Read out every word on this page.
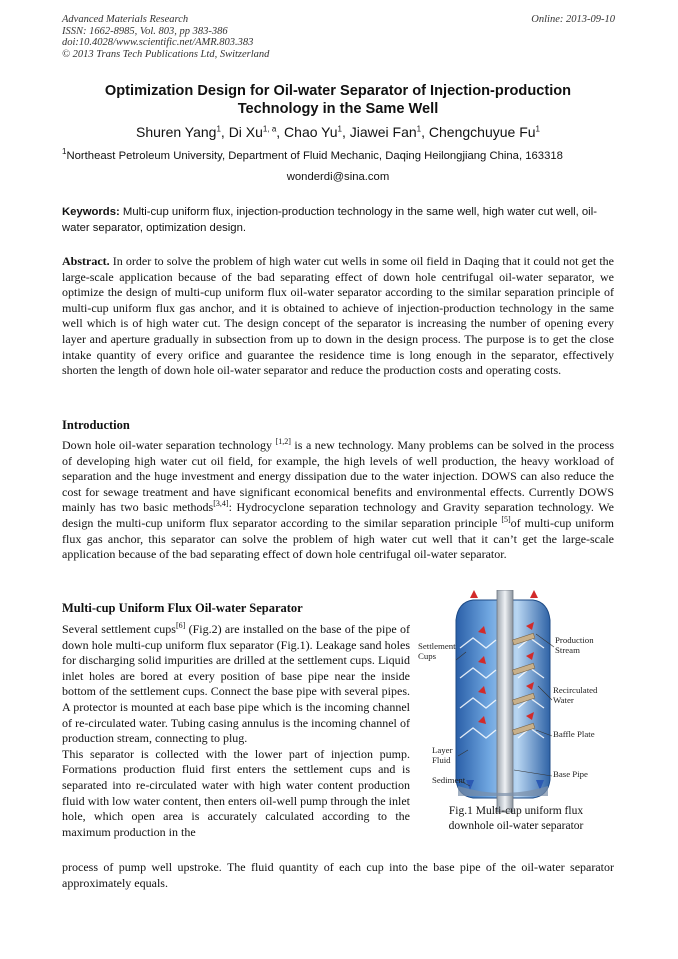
Advanced Materials Research
ISSN: 1662-8985, Vol. 803, pp 383-386
doi:10.4028/www.scientific.net/AMR.803.383
© 2013 Trans Tech Publications Ltd, Switzerland
Online: 2013-09-10
Optimization Design for Oil-water Separator of Injection-production
Technology in the Same Well
Shuren Yang$^1$, Di Xu$^{1, a}$, Chao Yu$^1$, Jiawei Fan$^1$, Chengchuyue Fu$^1$
$^1$Northeast Petroleum University, Department of Fluid Mechanic, Daqing Heilongjiang China, 163318
wonderdi@sina.com
Keywords: Multi-cup uniform flux, injection-production technology in the same well, high water cut well, oil-water separator, optimization design.
Abstract. In order to solve the problem of high water cut wells in some oil field in Daqing that it could not get the large-scale application because of the bad separating effect of down hole centrifugal oil-water separator, we optimize the design of multi-cup uniform flux oil-water separator according to the similar separation principle of multi-cup uniform flux gas anchor, and it is obtained to achieve of injection-production technology in the same well which is of high water cut. The design concept of the separator is increasing the number of opening every layer and aperture gradually in subsection from up to down in the design process. The purpose is to get the close intake quantity of every orifice and guarantee the residence time is long enough in the separator, effectively shorten the length of down hole oil-water separator and reduce the production costs and operating costs.
Introduction
Down hole oil-water separation technology [1,2] is a new technology. Many problems can be solved in the process of developing high water cut oil field, for example, the high levels of well production, the heavy workload of separation and the huge investment and energy dissipation due to the water injection. DOWS can also reduce the cost for sewage treatment and have significant economical benefits and environmental effects. Currently DOWS mainly has two basic methods[3,4]: Hydrocyclone separation technology and Gravity separation technology. We design the multi-cup uniform flux separator according to the similar separation principle [5]of multi-cup uniform flux gas anchor, this separator can solve the problem of high water cut well that it can’t get the large-scale application because of the bad separating effect of down hole centrifugal oil-water separator.
Multi-cup Uniform Flux Oil-water Separator
Several settlement cups[6] (Fig.2) are installed on the base of the pipe of down hole multi-cup uniform flux separator (Fig.1). Leakage sand holes for discharging solid impurities are drilled at the settlement cups. Liquid inlet holes are bored at every position of base pipe near the inside bottom of the settlement cups. Connect the base pipe with several pipes. A protector is mounted at each base pipe which is the incoming channel of re-circulated water. Tubing casing annulus is the incoming channel of production stream, connecting to plug.
This separator is collected with the lower part of injection pump. Formations production fluid first enters the settlement cups and is separated into re-circulated water with high water content production fluid with low water content, then enters oil-well pump through the inlet hole, which open area is accurately calculated according to the maximum production in the
process of pump well upstroke. The fluid quantity of each cup into the base pipe of the oil-water separator approximately equals.
Settlement
Cups
Production
Stream
Recirculated
Water
Baffle Plate
Layer
Fluid
Sediment
Base Pipe
Fig.1 Multi-cup uniform flux
downhole oil-water separator
